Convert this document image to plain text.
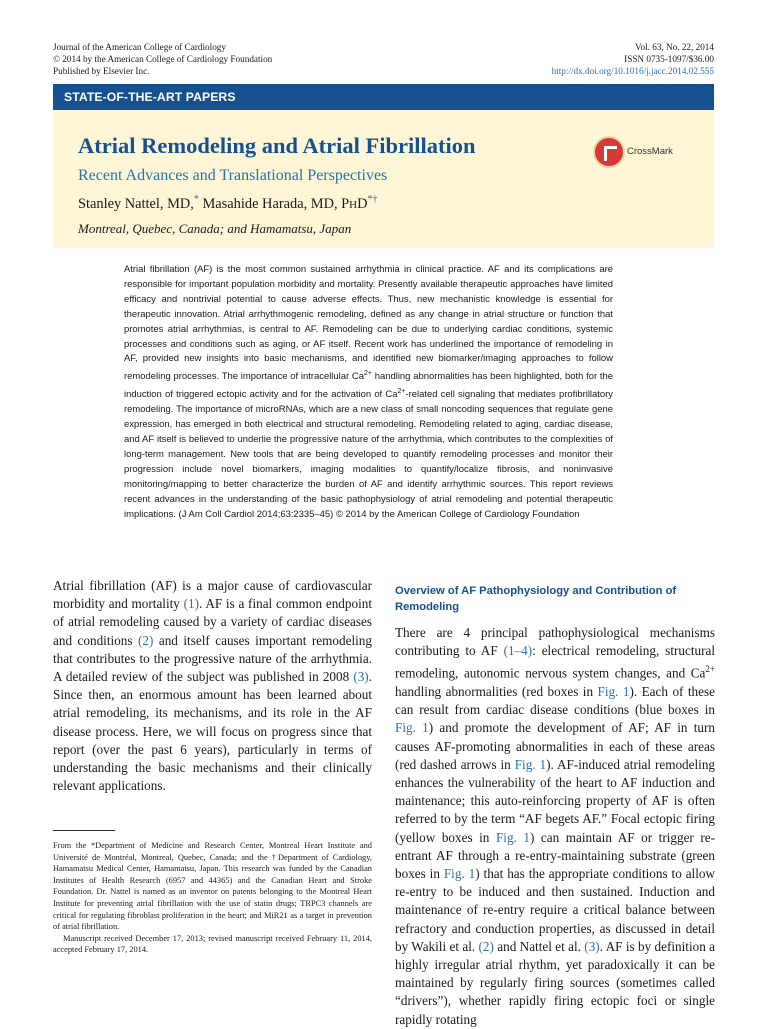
Journal of the American College of Cardiology
© 2014 by the American College of Cardiology Foundation
Published by Elsevier Inc.
Vol. 63, No. 22, 2014
ISSN 0735-1097/$36.00
http://dx.doi.org/10.1016/j.jacc.2014.02.555
STATE-OF-THE-ART PAPERS
Atrial Remodeling and Atrial Fibrillation
Recent Advances and Translational Perspectives
Stanley Nattel, MD,* Masahide Harada, MD, PHD*†
Montreal, Quebec, Canada; and Hamamatsu, Japan
CrossMark

Atrial fibrillation (AF) is the most common sustained arrhythmia in clinical practice. AF and its complications are responsible for important population morbidity and mortality. Presently available therapeutic approaches have limited efficacy and nontrivial potential to cause adverse effects. Thus, new mechanistic knowledge is essential for therapeutic innovation. Atrial arrhythmogenic remodeling, defined as any change in atrial structure or function that promotes atrial arrhythmias, is central to AF. Remodeling can be due to underlying cardiac conditions, systemic processes and conditions such as aging, or AF itself. Recent work has underlined the importance of remodeling in AF, provided new insights into basic mechanisms, and identified new biomarker/imaging approaches to follow remodeling processes. The importance of intracellular $Ca^{2+}$ handling abnormalities has been highlighted, both for the induction of triggered ectopic activity and for the activation of $Ca^{2+}$-related cell signaling that mediates profibrillatory remodeling. The importance of microRNAs, which are a new class of small noncoding sequences that regulate gene expression, has emerged in both electrical and structural remodeling. Remodeling related to aging, cardiac disease, and AF itself is believed to underlie the progressive nature of the arrhythmia, which contributes to the complexities of long-term management. New tools that are being developed to quantify remodeling processes and monitor their progression include novel biomarkers, imaging modalities to quantify/localize fibrosis, and noninvasive monitoring/mapping to better characterize the burden of AF and identify arrhythmic sources. This report reviews recent advances in the understanding of the basic pathophysiology of atrial remodeling and potential therapeutic implications. (J Am Coll Cardiol 2014;63:2335–45) © 2014 by the American College of Cardiology Foundation

Atrial fibrillation (AF) is a major cause of cardiovascular morbidity and mortality (1). AF is a final common endpoint of atrial remodeling caused by a variety of cardiac diseases and conditions (2) and itself causes important remodeling that contributes to the progressive nature of the arrhythmia. A detailed review of the subject was published in 2008 (3). Since then, an enormous amount has been learned about atrial remodeling, its mechanisms, and its role in the AF disease process. Here, we will focus on progress since that report (over the past 6 years), particularly in terms of understanding the basic mechanisms and their clinically relevant applications.

From the *Department of Medicine and Research Center, Montreal Heart Institute and Université de Montréal, Montreal, Quebec, Canada; and the †Department of Cardiology, Hamamatsu Medical Center, Hamamatsu, Japan. This research was funded by the Canadian Institutes of Health Research (6957 and 44365) and the Canadian Heart and Stroke Foundation. Dr. Nattel is named as an inventor on patents belonging to the Montreal Heart Institute for preventing atrial fibrillation with the use of statin drugs; TRPC3 channels are critical for regulating fibroblast proliferation in the heart; and MiR21 as a target in prevention of atrial fibrillation.

Manuscript received December 17, 2013; revised manuscript received February 11, 2014, accepted February 17, 2014.

Overview of AF Pathophysiology and Contribution of Remodeling

There are 4 principal pathophysiological mechanisms contributing to AF (1–4): electrical remodeling, structural remodeling, autonomic nervous system changes, and $Ca^{2+}$ handling abnormalities (red boxes in Fig. 1). Each of these can result from cardiac disease conditions (blue boxes in Fig. 1) and promote the development of AF; AF in turn causes AF-promoting abnormalities in each of these areas (red dashed arrows in Fig. 1). AF-induced atrial remodeling enhances the vulnerability of the heart to AF induction and maintenance; this auto-reinforcing property of AF is often referred to by the term “AF begets AF.” Focal ectopic firing (yellow boxes in Fig. 1) can maintain AF or trigger re-entrant AF through a re-entry-maintaining substrate (green boxes in Fig. 1) that has the appropriate conditions to allow re-entry to be induced and then sustained. Induction and maintenance of re-entry require a critical balance between refractory and conduction properties, as discussed in detail by Wakili et al. (2) and Nattel et al. (3). AF is by definition a highly irregular atrial rhythm, yet paradoxically it can be maintained by regularly firing sources (sometimes called “drivers”), whether rapidly firing ectopic foci or single rapidly rotating
